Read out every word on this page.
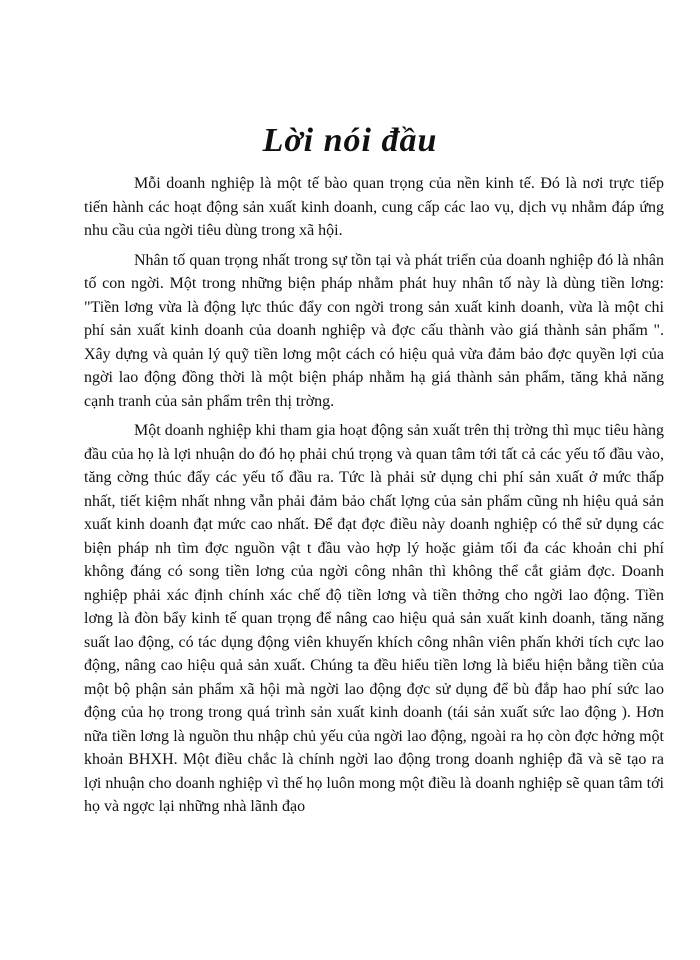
Lời nói đầu

Mỗi doanh nghiệp là một tế bào quan trọng của nền kinh tế. Đó là nơi trực tiếp tiến hành các hoạt động sản xuất kinh doanh, cung cấp các lao vụ, dịch vụ nhằm đáp ứng nhu cầu của ngời tiêu dùng trong xã hội.

Nhân tố quan trọng nhất trong sự tồn tại và phát triển của doanh nghiệp đó là nhân tố con ngời. Một trong những biện pháp nhằm phát huy nhân tố này là dùng tiền lơng: "Tiền lơng vừa là động lực thúc đẩy con ngời trong sản xuất kinh doanh, vừa là một chi phí sản xuất kinh doanh của doanh nghiệp và đợc cấu thành vào giá thành sản phẩm ". Xây dựng và quản lý quỹ tiền lơng một cách có hiệu quả vừa đảm bảo đợc quyền lợi của ngời lao động đồng thời là một biện pháp nhằm hạ giá thành sản phẩm, tăng khả năng cạnh tranh của sản phẩm trên thị trờng.

Một doanh nghiệp khi tham gia hoạt động sản xuất trên thị trờng thì mục tiêu hàng đầu của họ là lợi nhuận do đó họ phải chú trọng và quan tâm tới tất cả các yếu tố đầu vào, tăng cờng thúc đẩy các yếu tố đầu ra. Tức là phải sử dụng chi phí sản xuất ở mức thấp nhất, tiết kiệm nhất nhng vẫn phải đảm bảo chất lợng của sản phẩm cũng nh hiệu quả sản xuất kinh doanh đạt mức cao nhất. Để đạt đợc điều này doanh nghiệp có thể sử dụng các biện pháp nh tìm đợc nguồn vật t đầu vào hợp lý hoặc giảm tối đa các khoản chi phí không đáng có song tiền lơng của ngời công nhân thì không thể cắt giảm đợc. Doanh nghiệp phải xác định chính xác chế độ tiền lơng và tiền thởng cho ngời lao động. Tiền lơng là đòn bẩy kinh tế quan trọng để nâng cao hiệu quả sản xuất kinh doanh, tăng năng suất lao động, có tác dụng động viên khuyến khích công nhân viên phấn khởi tích cực lao động, nâng cao hiệu quả sản xuất. Chúng ta đều hiểu tiền lơng là biểu hiện bằng tiền của một bộ phận sản phẩm xã hội mà ngời lao động đợc sử dụng để bù đắp hao phí sức lao động của họ trong trong quá trình sản xuất kinh doanh (tái sản xuất sức lao động ). Hơn nữa tiền lơng là nguồn thu nhập chủ yếu của ngời lao động, ngoài ra họ còn đợc hởng một khoản BHXH. Một điều chắc là chính ngời lao động trong doanh nghiệp đã và sẽ tạo ra lợi nhuận cho doanh nghiệp vì thế họ luôn mong một điều là doanh nghiệp sẽ quan tâm tới họ và ngợc lại những nhà lãnh đạo
